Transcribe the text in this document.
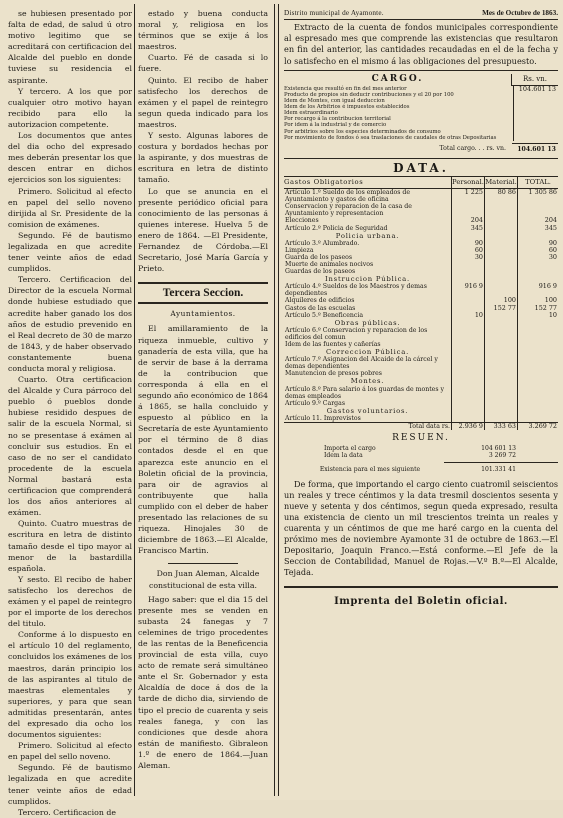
se hubiesen presentado por falta de edad, de salud ú otro motivo legitimo que se acreditará con certificacion del Alcalde del pueblo en donde tuviese su residencia el aspirante.

Y tercero. A los que por cualquier otro motivo hayan recibido para ello la autorizacion competente.

Los documentos que antes del dia ocho del expresado mes deberán presentar los que descen entrar en dichos ejercicios son los siguientes:

Primero. Solicitud al efecto en papel del sello noveno dirijida al Sr. Presidente de la comision de exámenes.

Segundo. Fé de bautismo legalizada en que acredite tener veinte años de edad cumplidos.

Tercero. Certificacion del Director de la escuela Normal donde hubiese estudiado que acredite haber ganado los dos años de estudio prevenido en el Real decreto de 30 de marzo de 1843, y de haber observado constantemente buena conducta moral y religiosa.

Cuarto. Otra certificacion del Alcalde y Cura párroco del pueblo ó pueblos donde hubiese residido despues de salir de la escuela Normal, si no se presentase á exámen al concluir sus estudios. En el caso de no ser el candidato procedente de la escuela Normal bastará esta certificacion que comprenderá los dos años anteriores al exámen.

Quinto. Cuatro muestras de escritura en letra de distinto tamaño desde el tipo mayor al menor de la bastardilla española.

Y sesto. El recibo de haber satisfecho los derechos de exámen y el papel de reintegro por el importe de los derechos del titulo.

Conforme á lo dispuesto en el artículo 10 del reglamento, concluidos los exámenes de los maestros, darán principio los de las aspirantes al titulo de maestras elementales y superiores, y para que sean admitidas presentarán, antes del expresado dia ocho los documentos siguientes:

Primero. Solicitud al efecto en papel del sello noveno.

Segundo. Fé de bautismo legalizada en que acredite tener veinte años de edad cumplidos.

Tercero. Certificacion de

estado y buena conducta moral y, religiosa en los términos que se exije á los maestros.

Cuarto. Fé de casada si lo fuere.

Quinto. El recibo de haber satisfecho los derechos de exámen y el papel de reintegro segun queda indicado para los maestros.

Y sesto. Algunas labores de costura y bordados hechas por la aspirante, y dos muestras de escritura en letra de distinto tamaño.

Lo que se anuncia en el presente periódico oficial para conocimiento de las personas á quienes interese. Huelva 5 de enero de 1864. —El Presidente, Fernandez de Córdoba.—El Secretario, José María García y Prieto.

Tercera Seccion.
Ayuntamientos.

El amillaramiento de la riqueza inmueble, cultivo y ganadería de esta villa, que ha de servir de base á la derrama de la contribucion que corresponda á ella en el segundo año económico de 1864 á 1865, se halla concluido y espuesto al público en la Secretaría de este Ayuntamiento por el término de 8 dias contados desde el en que aparezca este anuncio en el Boletin oficial de la provincia, para oir de agravios al contribuyente que halla cumplido con el deber de haber presentado las relaciones de su riqueza. Hinojales 30 de diciembre de 1863.—El Alcalde, Francisco Martin.

Don Juan Aleman, Alcalde constitucional de esta villa.

Hago saber: que el dia 15 del presente mes se venden en subasta 24 fanegas y 7 celemines de trigo procedentes de las rentas de la Beneficencia provincial de esta villa, cuyo acto de remate será simultáneo ante el Sr. Gobernador y esta Alcaldía de doce á dos de la tarde de dicho dia, sirviendo de tipo el precio de cuarenta y seis reales fanega, y con las condiciones que desde ahora están de manifiesto. Gibraleon 1.º de enero de 1864.—Juan Aleman.

Distrito municipal de Ayamonte.	Mes de Octubre de 1863.

Extracto de la cuenta de fondos municipales correspondiente al espresado mes que comprende las existencias que resultaron en fin del anterior, las cantidades recaudadas en el de la fecha y lo satisfecho en el mismo á las obligaciones del presupuesto.

CARGO.	Rs. vn.
Existencia que resultó en fin del mes anterior	104.601 13
Producto de propios sin deducir contribuciones y el 20 por 100	
Idem de Montes, con igual deduccion	
Idem de los Arbitrios é impuestos establecidos	
Idem estraordinario	
Por recargo á la contribucion territorial	
Por idem á la industrial y de comercio	
Por arbitrios sobre los especies determinados de consumo	
Por movimiento de fondos ó sea traslaciones de caudales de otras Depositarias	
Total cargo. . . rs. vn.	104.601 13
DATA.
Gastos Obligatorios	Personal.	Material.	TOTAL.
Artículo 1.º Sueldo de los empleados de Ayuntamiento y gastos de oficina	1 225	80 86	1 305 86
Conservacion y reparacion de la casa de Ayuntamiento y representacion			
Elecciones	204		204
Artículo 2.º Policia de Seguridad	345		345
Policia urbana.			
Artículo 3.º Alumbrado.	90		90
Limpieza	60		60
Guarda de los paseos	30		30
Muerte de animales nocivos			
Guardas de los paseos			
Instruccion Pública.			
Artículo 4.º Sueldos de los Maestros y demas dependientes	916 9		916 9
Alquileres de edificios		100	100
Gastos de las escuelas		152 77	152 77
Artículo 5.º Beneficencia	10		10
Obras públicas.			
Artículo 6.º Conservacion y reparacion de los edificios del comun			
Idem de las fuentes y cañerías			
Correccion Pública.			
Artículo 7.º Asignacion del Alcaide de la cárcel y demas dependientes			
Manutencion de presos pobres			
Montes.			
Artículo 8.º Para salario á los guardas de montes y demas empleados			
Artículo 9.º Cargas			
Gastos voluntarios.			
Artículo 11. Imprevistos			
Total data rs.	2.936 9	333 63	3.269 72
RESUEN.
Importa el cargo	104 601 13
Idem la data	3 269 72
Existencia para el mes siguiente	101.331 41

De forma, que importando el cargo ciento cuatromil seiscientos un reales y trece céntimos y la data tresmil doscientos sesenta y nueve y setenta y dos céntimos, segun queda expresado, resulta una existencia de ciento un mil trescientos treinta un reales y cuarenta y un céntimos de que me haré cargo en la cuenta del próximo mes de noviembre Ayamonte 31 de octubre de 1863.—El Depositario, Joaquin Franco.—Está conforme.—El Jefe de la Seccion de Contabilidad, Manuel de Rojas.—V.º B.º—El Alcalde, Tejada.

Imprenta del Boletin oficial.
